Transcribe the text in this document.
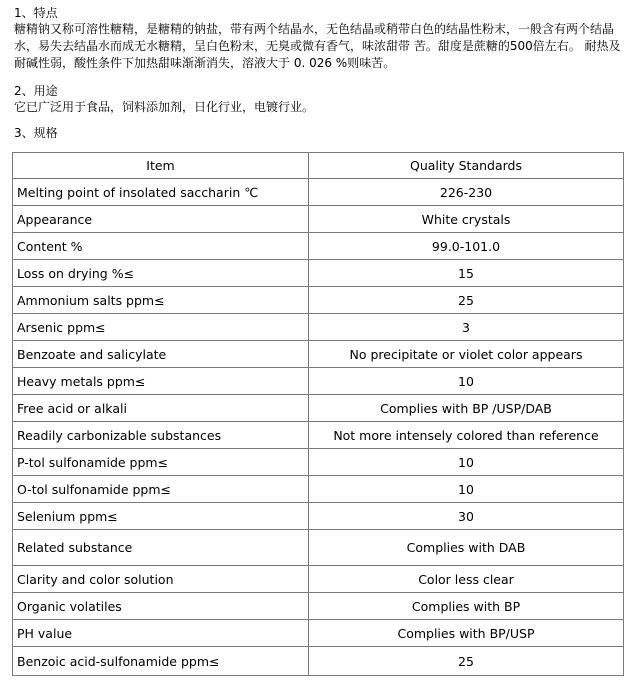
1、特点

糖精钠又称可溶性糖精，是糖精的钠盐，带有两个结晶水，无色结晶或稍带白色的结晶性粉末，一般含有两个结晶水，易失去结晶水而成无水糖精，呈白色粉末，无臭或微有香气，味浓甜带 苦。甜度是蔗糖的500倍左右。 耐热及耐碱性弱，酸性条件下加热甜味渐渐消失，溶液大于 0. 026 %则味苦。

2、用途

它已广泛用于食品，饲料添加剂，日化行业，电镀行业。

3、规格
Item	Quality Standards
Melting point of insolated saccharin ℃	226-230
Appearance	White crystals
Content %	99.0-101.0
Loss on drying %≤	15
Ammonium salts ppm≤	25
Arsenic ppm≤	3
Benzoate and salicylate	No precipitate or violet color appears
Heavy metals ppm≤	10
Free acid or alkali	Complies with BP /USP/DAB
Readily carbonizable substances	Not more intensely colored than reference
P-tol sulfonamide ppm≤	10
O-tol sulfonamide ppm≤	10
Selenium ppm≤	30
Related substance	Complies with DAB
Clarity and color solution	Color less clear
Organic volatiles	Complies with BP
PH value	Complies with BP/USP
Benzoic acid-sulfonamide ppm≤	25
